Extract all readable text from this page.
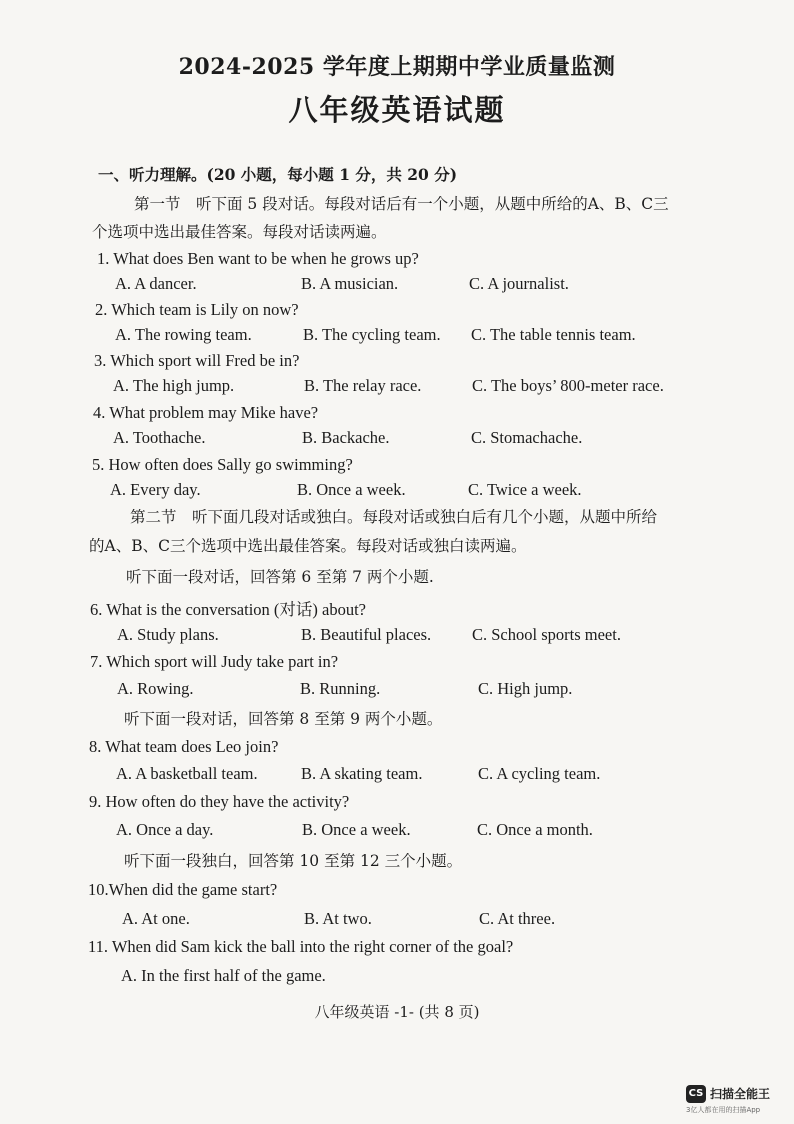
2024-2025 学年度上期期中学业质量监测
八年级英语试题
一、听力理解。(20 小题，每小题 1 分，共 20 分)
第一节　听下面 5 段对话。每段对话后有一个小题，从题中所给的A、B、C三
个选项中选出最佳答案。每段对话读两遍。
1. What does Ben want to be when he grows up?
A. A dancer.	B. A musician.	C. A journalist.
2. Which team is Lily on now?
A. The rowing team.	B. The cycling team. C. The table tennis team.
3. Which sport will Fred be in?
A. The high jump.	B. The relay race.	C. The boys’ 800-meter race.
4. What problem may Mike have?
A. Toothache.	B. Backache.	C. Stomachache.
5. How often does Sally go swimming?
A. Every day.	B. Once a week.	C. Twice a week.
第二节　听下面几段对话或独白。每段对话或独白后有几个小题，从题中所给
的A、B、C三个选项中选出最佳答案。每段对话或独白读两遍。
听下面一段对话，回答第 6 至第 7 两个小题.
6. What is the conversation (对话) about?
A. Study plans.	B. Beautiful places. C. School sports meet.
7. Which sport will Judy take part in?
A. Rowing.	B. Running.	C. High jump.
听下面一段对话，回答第 8 至第 9 两个小题。
8. What team does Leo join?
A. A basketball team.	B. A skating team.	C. A cycling team.
9. How often do they have the activity?
A. Once a day.	B. Once a week.	C. Once a month.
听下面一段独白，回答第 10 至第 12 三个小题。
10.When did the game start?
A. At one.	B. At two.	C. At three.
11. When did Sam kick the ball into the right corner of the goal?
A. In the first half of the game.
八年级英语 -1- (共 8 页)
CS 扫描全能王
3亿人都在用的扫描App
